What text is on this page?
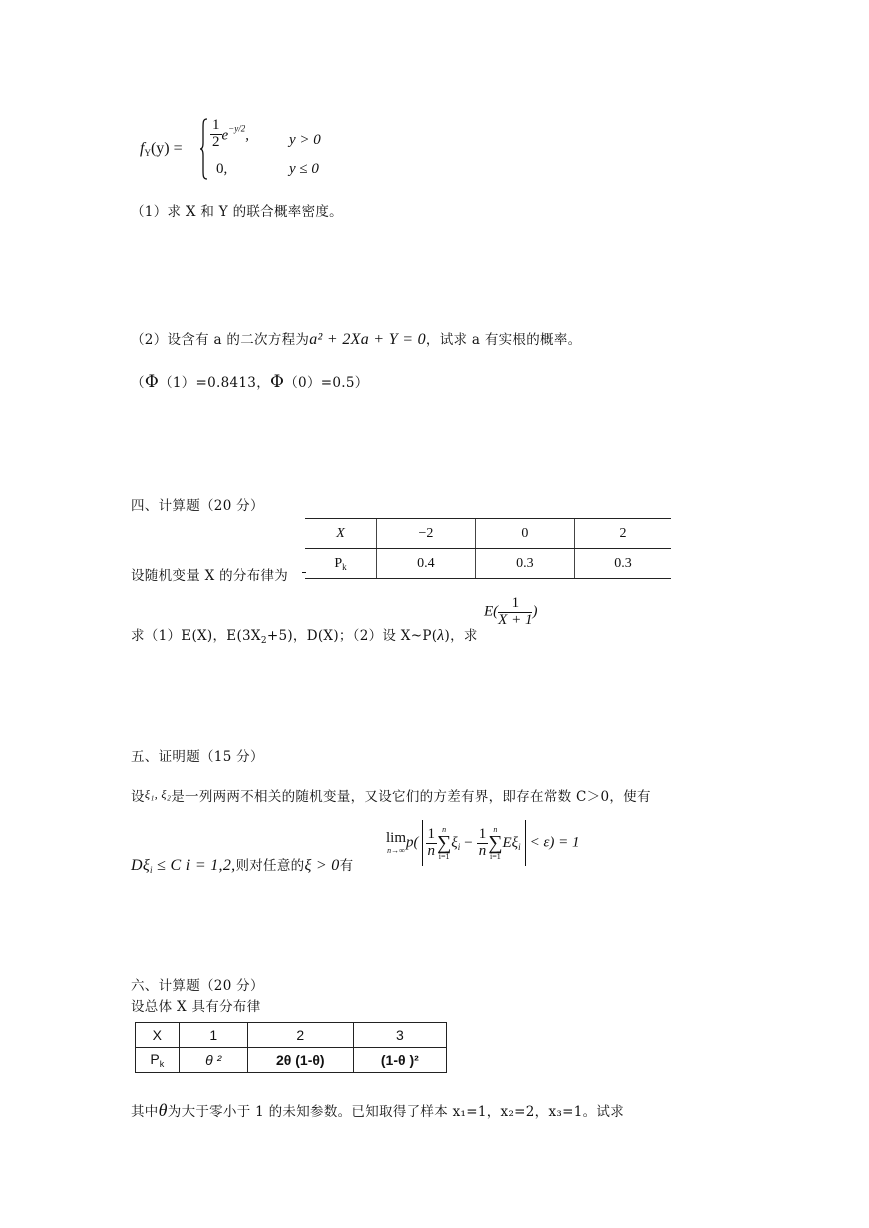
$f_Y(y) = \frac{1}{2} e^{-y/2}$,	y > 0
0,	y ≤ 0
（1）求 X 和 Y 的联合概率密度。
（2）设含有 a 的二次方程为a² + 2Xa + Y = 0，试求 a 有实根的概率。
（Φ（1）=0.8413，Φ（0）=0.5）
四、计算题（20 分）
X	−2	0	2
$P_k$	0.4	0.3	0.3
设随机变量 X 的分布律为
求（1）E(X)，$E(3X_2+5)$，D(X)；（2）设 X~P(λ)，求
$E( \frac{1}{X + 1}$ )
五、证明题（15 分）
设ξ₁, ξ₂是一列两两不相关的随机变量，又设它们的方差有界，即存在常数 C＞0，使有
$D\xi_i \le C$ i = 1,2,则对任意的ξ > 0有
lim
n→∞ $p( \frac{1}{n}$ n
∑
i=1
$\xi_i - \frac{1}{n}$ n
∑
i=1
$E\xi_i < \varepsilon) = 1$
六、计算题（20 分）
设总体 X 具有分布律
X	1	2	3
$P_k$	θ ²	2θ (1-θ)	(1-θ )²
其中θ为大于零小于 1 的未知参数。已知取得了样本 x₁=1，x₂=2，x₃=1。试求
